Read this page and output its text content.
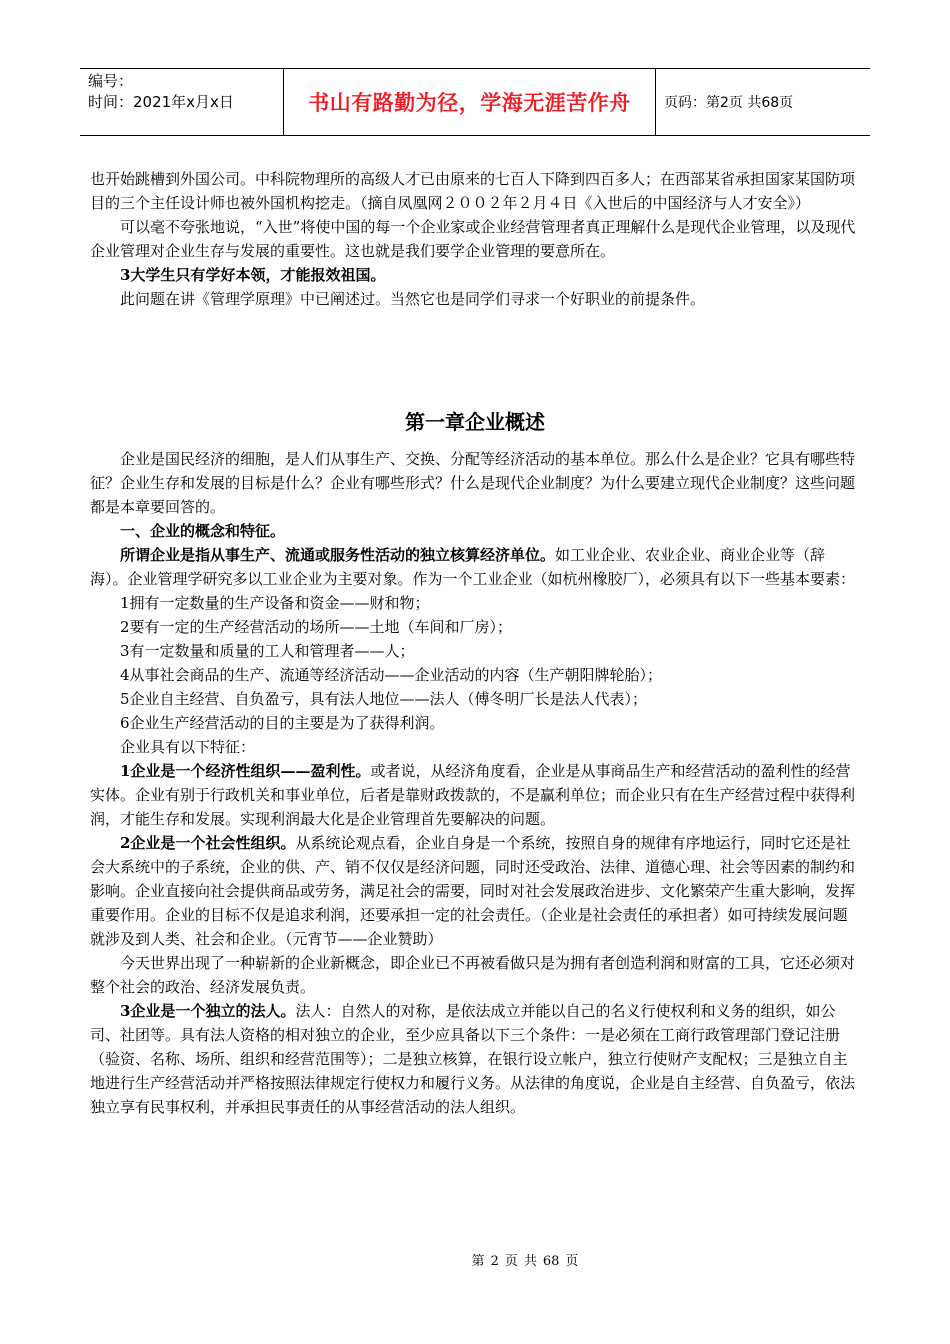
编号：
时间：2021年x月x日	书山有路勤为径，学海无涯苦作舟 页码：第2页 共68页

也开始跳槽到外国公司。中科院物理所的高级人才已由原来的七百人下降到四百多人；在西部某省承担国家某国防项目的三个主任设计师也被外国机构挖走。（摘自凤凰网２００２年２月４日《入世后的中国经济与人才安全》）

可以毫不夸张地说，“入世”将使中国的每一个企业家或企业经营管理者真正理解什么是现代企业管理，以及现代企业管理对企业生存与发展的重要性。这也就是我们要学企业管理的要意所在。

3大学生只有学好本领，才能报效祖国。

此问题在讲《管理学原理》中已阐述过。当然它也是同学们寻求一个好职业的前提条件。

第一章企业概述

企业是国民经济的细胞，是人们从事生产、交换、分配等经济活动的基本单位。那么什么是企业？它具有哪些特征？企业生存和发展的目标是什么？企业有哪些形式？什么是现代企业制度？为什么要建立现代企业制度？这些问题都是本章要回答的。

一、企业的概念和特征。

所谓企业是指从事生产、流通或服务性活动的独立核算经济单位。如工业企业、农业企业、商业企业等（辞海）。企业管理学研究多以工业企业为主要对象。作为一个工业企业（如杭州橡胶厂），必须具有以下一些基本要素：

1拥有一定数量的生产设备和资金——财和物；

2要有一定的生产经营活动的场所——土地（车间和厂房）；

3有一定数量和质量的工人和管理者——人；

4从事社会商品的生产、流通等经济活动——企业活动的内容（生产朝阳牌轮胎）；

5企业自主经营、自负盈亏，具有法人地位——法人（傅冬明厂长是法人代表）；

6企业生产经营活动的目的主要是为了获得利润。

企业具有以下特征：

1企业是一个经济性组织——盈利性。或者说，从经济角度看，企业是从事商品生产和经营活动的盈利性的经营实体。企业有别于行政机关和事业单位，后者是靠财政拨款的，不是赢利单位；而企业只有在生产经营过程中获得利润，才能生存和发展。实现利润最大化是企业管理首先要解决的问题。

2企业是一个社会性组织。从系统论观点看，企业自身是一个系统，按照自身的规律有序地运行，同时它还是社会大系统中的子系统，企业的供、产、销不仅仅是经济问题，同时还受政治、法律、道德心理、社会等因素的制约和影响。企业直接向社会提供商品或劳务，满足社会的需要，同时对社会发展政治进步、文化繁荣产生重大影响，发挥重要作用。企业的目标不仅是追求利润，还要承担一定的社会责任。（企业是社会责任的承担者）如可持续发展问题就涉及到人类、社会和企业。（元宵节——企业赞助）

今天世界出现了一种崭新的企业新概念，即企业已不再被看做只是为拥有者创造利润和财富的工具，它还必须对整个社会的政治、经济发展负责。

3企业是一个独立的法人。法人：自然人的对称，是依法成立并能以自己的名义行使权利和义务的组织，如公司、社团等。具有法人资格的相对独立的企业，至少应具备以下三个条件：一是必须在工商行政管理部门登记注册（验资、名称、场所、组织和经营范围等）；二是独立核算，在银行设立帐户，独立行使财产支配权；三是独立自主地进行生产经营活动并严格按照法律规定行使权力和履行义务。从法律的角度说，企业是自主经营、自负盈亏，依法独立享有民事权利，并承担民事责任的从事经营活动的法人组织。

第 2 页 共 68 页
